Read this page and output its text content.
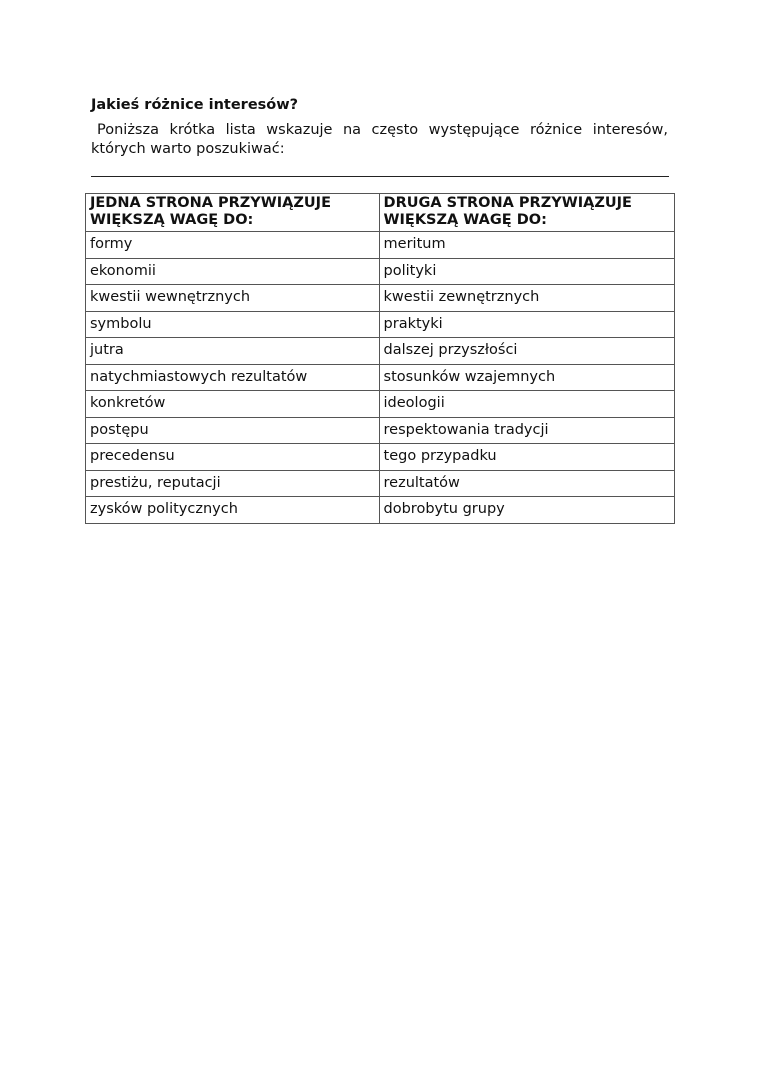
Jakieś różnice interesów?

Poniższa krótka lista wskazuje na często występujące różnice interesów, których warto poszukiwać:

JEDNA STRONA PRZYWIĄZUJE WIĘKSZĄ WAGĘ DO:	DRUGA STRONA PRZYWIĄZUJE WIĘKSZĄ WAGĘ DO:
formy	meritum
ekonomii	polityki
kwestii wewnętrznych	kwestii zewnętrznych
symbolu	praktyki
jutra	dalszej przyszłości
natychmiastowych rezultatów	stosunków wzajemnych
konkretów	ideologii
postępu	respektowania tradycji
precedensu	tego przypadku
prestiżu, reputacji	rezultatów
zysków politycznych	dobrobytu grupy
